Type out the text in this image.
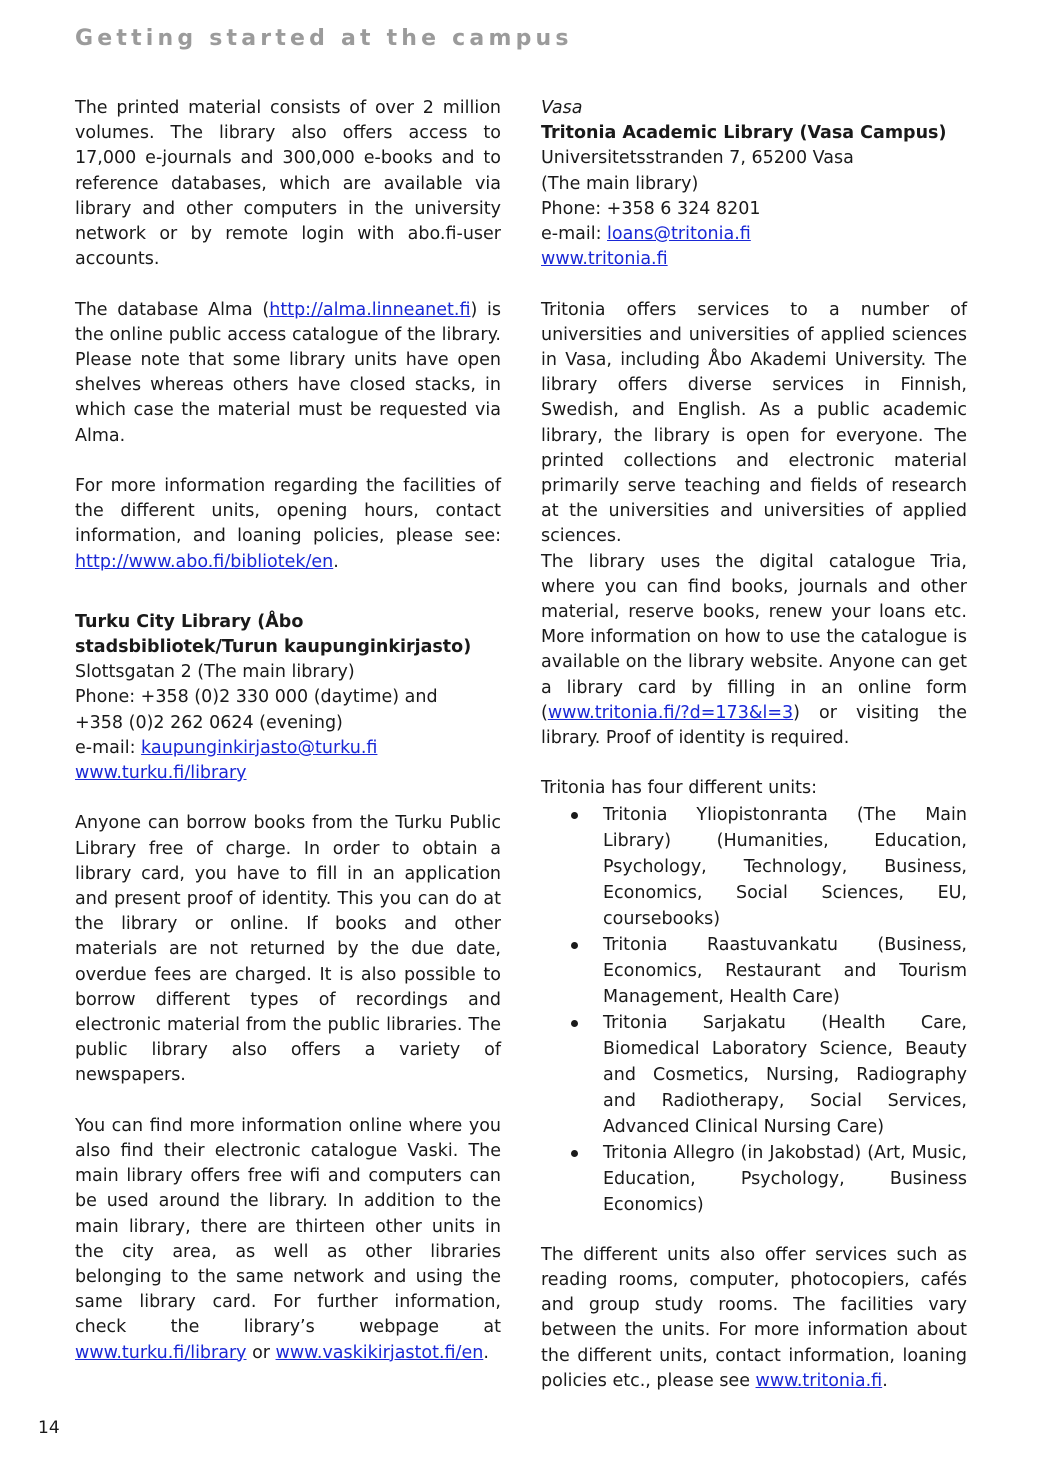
Getting started at the campus

The printed material consists of over 2 million volumes. The library also offers access to 17,000 e-journals and 300,000 e-books and to reference databases, which are available via library and other computers in the university network or by remote login with abo.fi-user accounts.

The database Alma (http://alma.linneanet.fi) is the online public access catalogue of the library. Please note that some library units have open shelves whereas others have closed stacks, in which case the material must be requested via Alma.

For more information regarding the facilities of the different units, opening hours, contact information, and loaning policies, please see: http://www.abo.fi/bibliotek/en.

Turku City Library (Åbo stadsbibliotek/Turun kaupunginkirjasto)

Slottsgatan 2 (The main library)

Phone: +358 (0)2 330 000 (daytime) and

+358 (0)2 262 0624 (evening)

e-mail: kaupunginkirjasto@turku.fi

www.turku.fi/library

Anyone can borrow books from the Turku Public Library free of charge. In order to obtain a library card, you have to fill in an application and present proof of identity. This you can do at the library or online. If books and other materials are not returned by the due date, overdue fees are charged. It is also possible to borrow different types of recordings and electronic material from the public libraries. The public library also offers a variety of newspapers.

You can find more information online where you also find their electronic catalogue Vaski. The main library offers free wifi and computers can be used around the library. In addition to the main library, there are thirteen other units in the city area, as well as other libraries belonging to the same network and using the same library card. For further information, check the library’s webpage at www.turku.fi/library or www.vaskikirjastot.fi/en.

Vasa

Tritonia Academic Library (Vasa Campus)

Universitetsstranden 7, 65200 Vasa

(The main library)

Phone: +358 6 324 8201

e-mail: loans@tritonia.fi

www.tritonia.fi

Tritonia offers services to a number of universities and universities of applied sciences in Vasa, including Åbo Akademi University. The library offers diverse services in Finnish, Swedish, and English. As a public academic library, the library is open for everyone. The printed collections and electronic material primarily serve teaching and fields of research at the universities and universities of applied sciences.

The library uses the digital catalogue Tria, where you can find books, journals and other material, reserve books, renew your loans etc. More information on how to use the catalogue is available on the library website. Anyone can get a library card by filling in an online form (www.tritonia.fi/?d=173&l=3) or visiting the library. Proof of identity is required.

Tritonia has four different units:

Tritonia Yliopistonranta (The Main Library) (Humanities, Education, Psychology, Technology, Business, Economics, Social Sciences, EU, coursebooks)
Tritonia Raastuvankatu (Business, Economics, Restaurant and Tourism Management, Health Care)
Tritonia Sarjakatu (Health Care, Biomedical Laboratory Science, Beauty and Cosmetics, Nursing, Radiography and Radiotherapy, Social Services, Advanced Clinical Nursing Care)
Tritonia Allegro (in Jakobstad) (Art, Music, Education, Psychology, Business Economics)

The different units also offer services such as reading rooms, computer, photocopiers, cafés and group study rooms. The facilities vary between the units. For more information about the different units, contact information, loaning policies etc., please see www.tritonia.fi.

14
